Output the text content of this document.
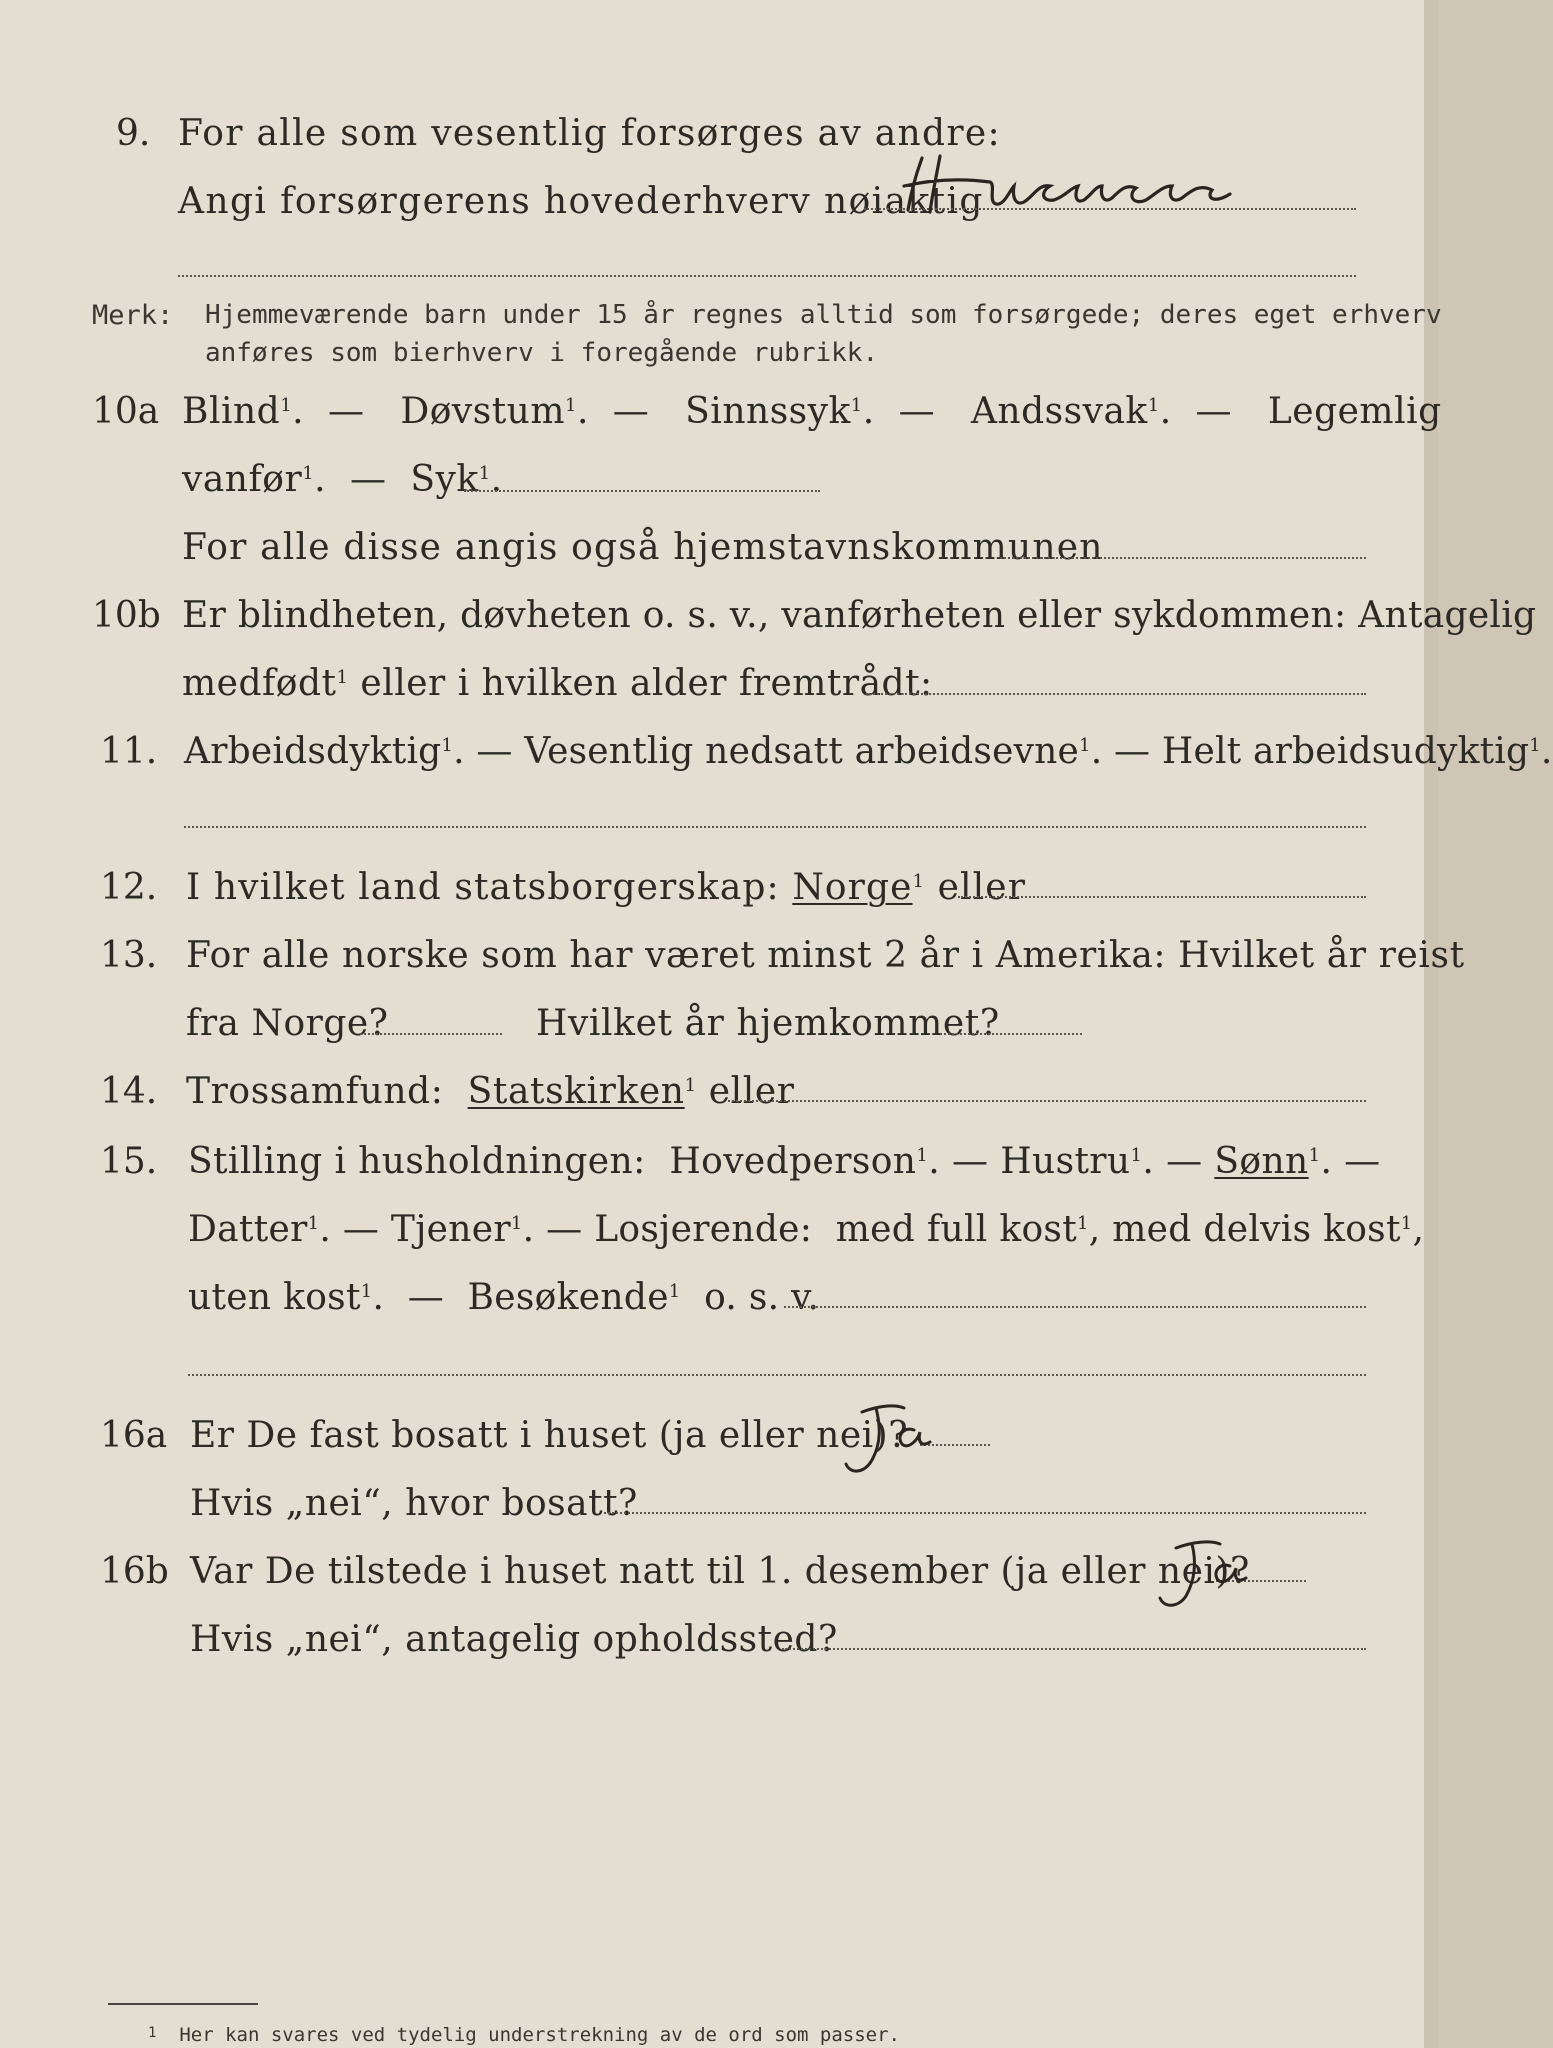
9. For alle som vesentlig forsørges av andre:
Angi forsørgerens hovederhverv nøiaktig
Merk: Hjemmeværende barn under 15 år regnes alltid som forsørgede; deres eget erhverv
anføres som bierhverv i foregående rubrikk.
10a Blind$^1$.  — Døvstum$^1$.  — Sinnssyk$^1$.  — Andssvak$^1$.  — Legemlig
vanfør$^1$.  — Syk$^1$.
For alle disse angis også hjemstavnskommunen
10b Er blindheten, døvheten o. s. v., vanførheten eller sykdommen: Antagelig
medfødt$^1$ eller i hvilken alder fremtrådt:
11. Arbeidsdyktig$^1$. — Vesentlig nedsatt arbeidsevne$^1$. — Helt arbeidsudyktig$^1$.
12. I hvilket land statsborgerskap: Norge$^1$ eller
13. For alle norske som har været minst 2 år i Amerika: Hvilket år reist
fra Norge?	Hvilket år hjemkommet?
14. Trossamfund: Statskirken$^1$ eller
15. Stilling i husholdningen: Hovedperson$^1$. — Hustru$^1$. — Sønn$^1$. —
Datter$^1$. — Tjener$^1$. — Losjerende: med full kost$^1$, med delvis kost$^1$,
uten kost$^1$.  — Besøkende$^1$ o. s. v.
16a Er De fast bosatt i huset (ja eller nei)?
Hvis „nei“, hvor bosatt?
16b Var De tilstede i huset natt til 1. desember (ja eller nei)?
Hvis „nei“, antagelig opholdssted?
$^1$ Her kan svares ved tydelig understrekning av de ord som passer.
